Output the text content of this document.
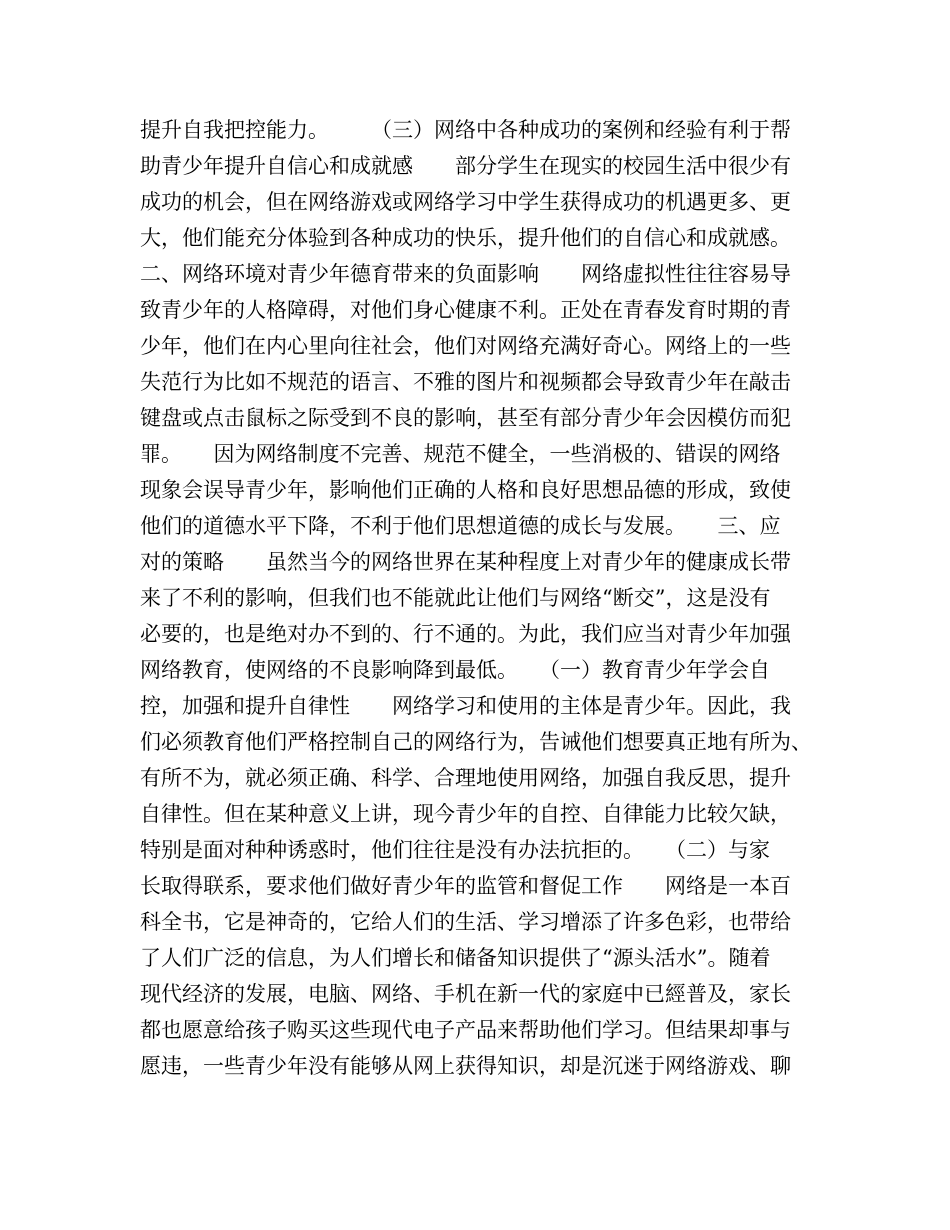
提升自我把控能力。　　　（三）网络中各种成功的案例和经验有利于帮
助青少年提升自信心和成就感　　部分学生在现实的校园生活中很少有
成功的机会，但在网络游戏或网络学习中学生获得成功的机遇更多、更
大，他们能充分体验到各种成功的快乐，提升他们的自信心和成就感。
二、网络环境对青少年德育带来的负面影响　　网络虚拟性往往容易导
致青少年的人格障碍，对他们身心健康不利。正处在青春发育时期的青
少年，他们在内心里向往社会，他们对网络充满好奇心。网络上的一些
失范行为比如不规范的语言、不雅的图片和视频都会导致青少年在敲击
键盘或点击鼠标之际受到不良的影响，甚至有部分青少年会因模仿而犯
罪。　　因为网络制度不完善、规范不健全，一些消极的、错误的网络
现象会误导青少年，影响他们正确的人格和良好思想品德的形成，致使
他们的道德水平下降，不利于他们思想道德的成长与发展。　　三、应
对的策略　　虽然当今的网络世界在某种程度上对青少年的健康成长带
来了不利的影响，但我们也不能就此让他们与网络“断交”，这是没有
必要的，也是绝对办不到的、行不通的。为此，我们应当对青少年加强
网络教育，使网络的不良影响降到最低。　　（一）教育青少年学会自
控，加强和提升自律性　　网络学习和使用的主体是青少年。因此，我
们必须教育他们严格控制自己的网络行为，告诫他们想要真正地有所为、
有所不为，就必须正确、科学、合理地使用网络，加强自我反思，提升
自律性。但在某种意义上讲，现今青少年的自控、自律能力比较欠缺，
特别是面对种种诱惑时，他们往往是没有办法抗拒的。　　（二）与家
长取得联系，要求他们做好青少年的监管和督促工作　　网络是一本百
科全书，它是神奇的，它给人们的生活、学习增添了许多色彩，也带给
了人们广泛的信息，为人们增长和储备知识提供了“源头活水”。随着
现代经济的发展，电脑、网络、手机在新一代的家庭中已經普及，家长
都也愿意给孩子购买这些现代电子产品来帮助他们学习。但结果却事与
愿违，一些青少年没有能够从网上获得知识，却是沉迷于网络游戏、聊
